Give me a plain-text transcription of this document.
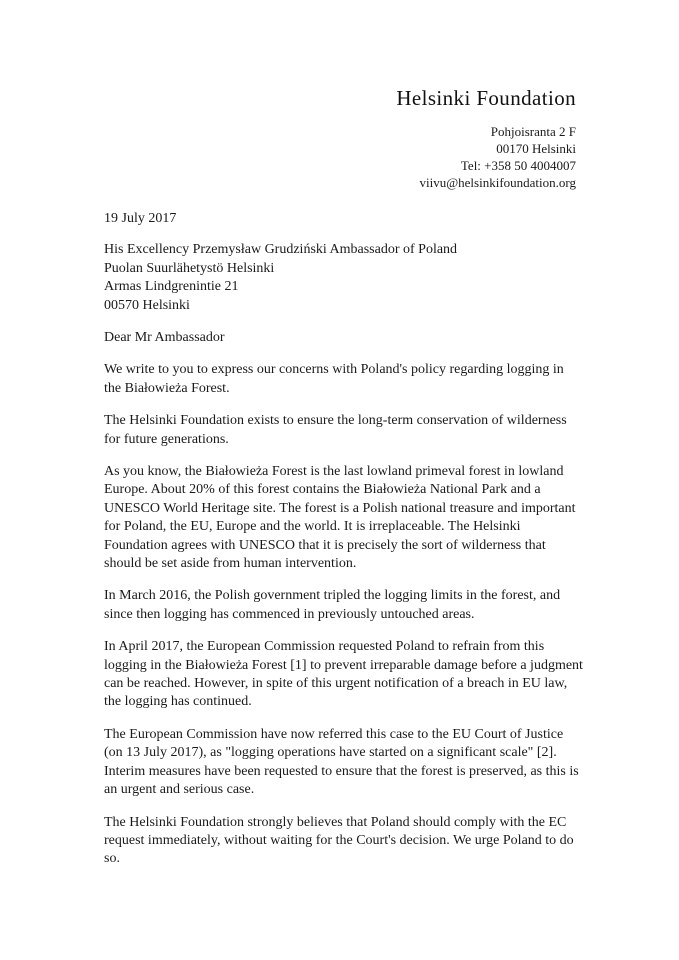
Helsinki Foundation
Pohjoisranta 2 F
00170 Helsinki
Tel: +358 50 4004007
viivu@helsinkifoundation.org
19 July 2017
His Excellency Przemysław Grudziński Ambassador of Poland
Puolan Suurlähetystö Helsinki
Armas Lindgrenintie 21
00570 Helsinki
Dear Mr Ambassador

We write to you to express our concerns with Poland's policy regarding logging in the Białowieża Forest.

The Helsinki Foundation exists to ensure the long-term conservation of wilderness for future generations.

As you know, the Białowieża Forest is the last lowland primeval forest in lowland Europe. About 20% of this forest contains the Białowieża National Park and a UNESCO World Heritage site. The forest is a Polish national treasure and important for Poland, the EU, Europe and the world. It is irreplaceable. The Helsinki Foundation agrees with UNESCO that it is precisely the sort of wilderness that should be set aside from human intervention.

In March 2016, the Polish government tripled the logging limits in the forest, and since then logging has commenced in previously untouched areas.

In April 2017, the European Commission requested Poland to refrain from this logging in the Białowieża Forest [1] to prevent irreparable damage before a judgment can be reached. However, in spite of this urgent notification of a breach in EU law, the logging has continued.

The European Commission have now referred this case to the EU Court of Justice (on 13 July 2017), as "logging operations have started on a significant scale" [2]. Interim measures have been requested to ensure that the forest is preserved, as this is an urgent and serious case.

The Helsinki Foundation strongly believes that Poland should comply with the EC request immediately, without waiting for the Court's decision. We urge Poland to do so.
